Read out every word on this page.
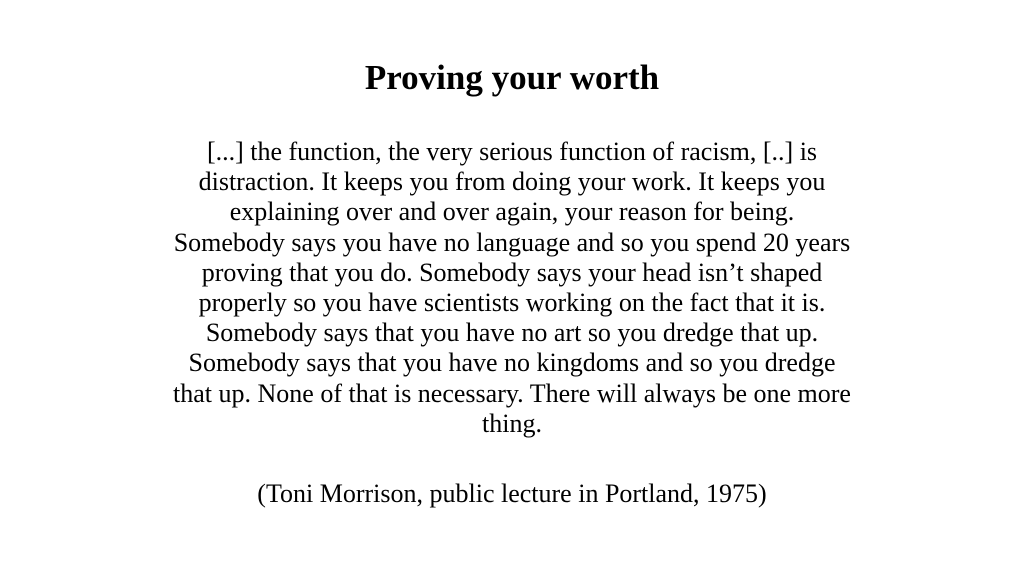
Proving your worth

[...] the function, the very serious function of racism, [..] is
distraction. It keeps you from doing your work. It keeps you
explaining over and over again, your reason for being.
Somebody says you have no language and so you spend 20 years
proving that you do. Somebody says your head isn’t shaped
properly so you have scientists working on the fact that it is.
Somebody says that you have no art so you dredge that up.
Somebody says that you have no kingdoms and so you dredge
that up. None of that is necessary. There will always be one more
thing.

(Toni Morrison, public lecture in Portland, 1975)
